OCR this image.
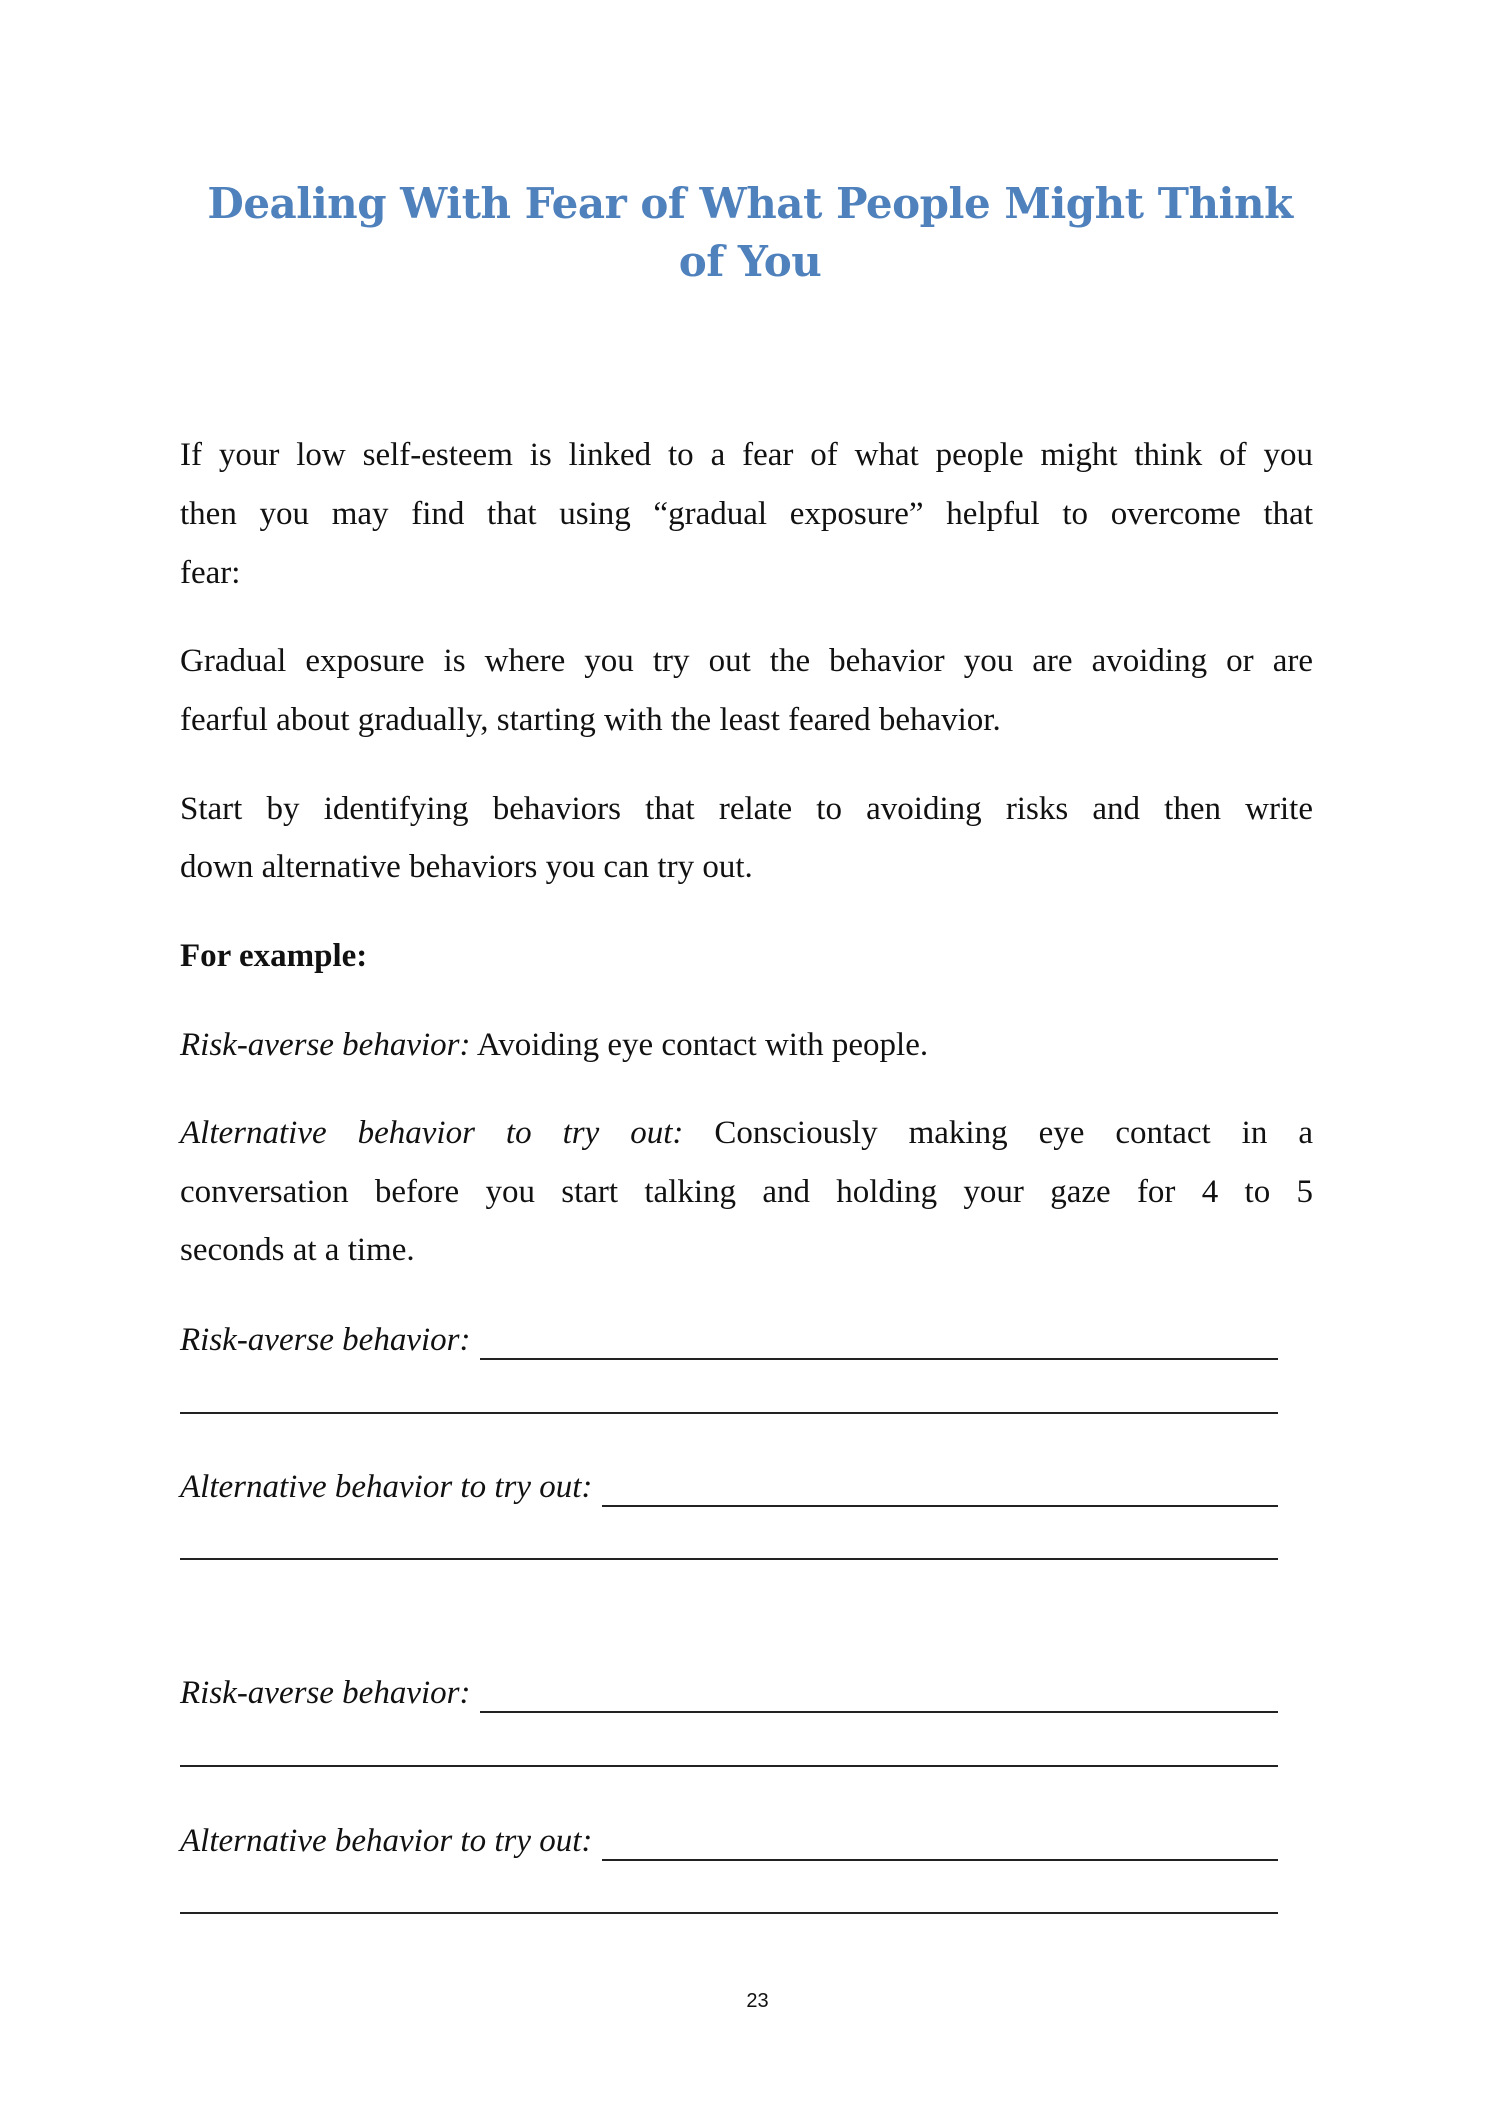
Dealing With Fear of What People Might Think
of You
If your low self-esteem is linked to a fear of what people might think of you
then you may find that using “gradual exposure” helpful to overcome that
fear:
Gradual exposure is where you try out the behavior you are avoiding or are
fearful about gradually, starting with the least feared behavior.
Start by identifying behaviors that relate to avoiding risks and then write
down alternative behaviors you can try out.
For example:
Risk-averse behavior: Avoiding eye contact with people.
Alternative behavior to try out: Consciously making eye contact in a
conversation before you start talking and holding your gaze for 4 to 5
seconds at a time.
Risk-averse behavior:
Alternative behavior to try out:
Risk-averse behavior:
Alternative behavior to try out:
23
